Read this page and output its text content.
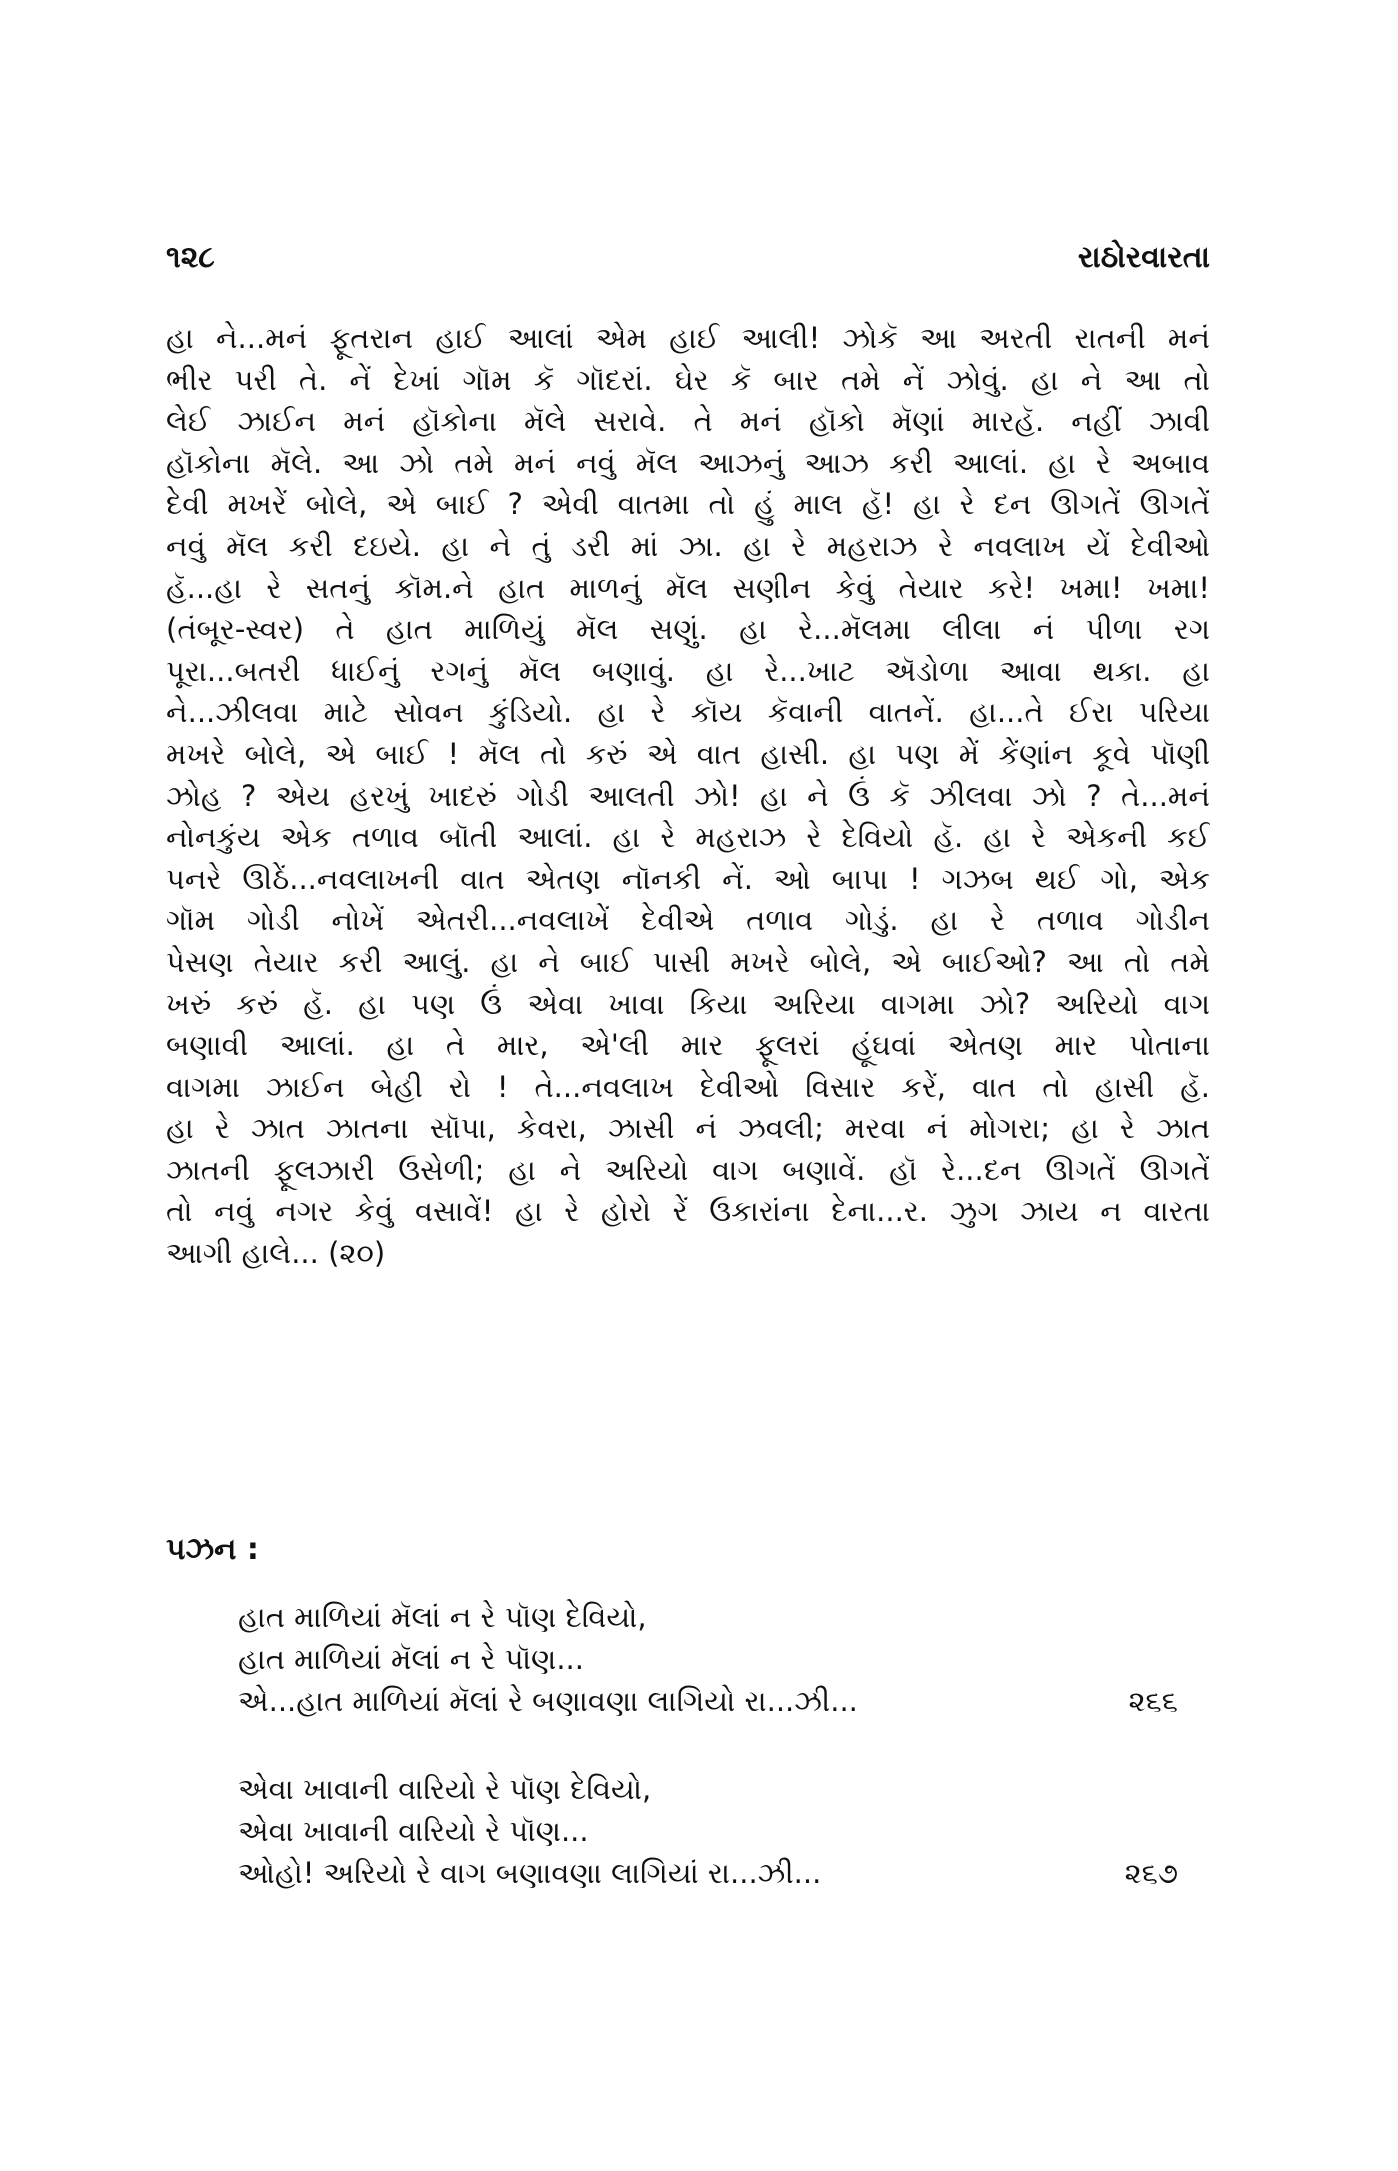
૧૨૮	રાઠોરવારતા
હા ને...મનં ફૂતરાન હાઈ આલાં એમ હાઈ આલી! ઝોકૅ આ અરતી રાતની મનં
ભીર પરી તે. નેં દેખાં ગૉમ કૅ ગૉદરાં. ઘેર કૅ બાર તમે નેં ઝોવું. હા ને આ તો
લેઈ ઝાઈન મનં હૉકોના મૅલે સરાવે. તે મનં હૉકો મૅણાં મારહૅ. નહીં ઝાવી
હૉકોના મૅલે. આ ઝો તમે મનં નવું મૅલ આઝનું આઝ કરી આલાં. હા રે અબાવ
દેવી મખરેં બોલે, એ બાઈ ? એવી વાતમા તો હું માલ હૅ! હા રે દન ઊગતેં ઊગતેં
નવું મૅલ કરી દઇયે. હા ને તું ડરી માં ઝા. હા રે મહરાઝ રે નવલાખ યેં દેવીઓ
હૅ...હા રે સતનું કૉમ.ને હાત માળનું મૅલ સણીન કેવું તેયાર કરે! ખમા! ખમા!
(તંબૂર-સ્વર) તે હાત માળિયું મૅલ સણું. હા રે...મૅલમા લીલા નં પીળા રગ
પૂરા...બતરી ધાઈનું રગનું મૅલ બણાવું. હા રે...ખાટ ઍડોળા આવા થકા. હા
ને...ઝીલવા માટે સોવન કુંડિયો. હા રે કૉય કૅવાની વાતનેં. હા...તે ઈરા પરિયા
મખરે બોલે, એ બાઈ ! મૅલ તો કરું એ વાત હાસી. હા પણ મેં કેંણાંન કૂવે પૉણી
ઝોહ ? એય હરખું ખાદરું ગોડી આલતી ઝો! હા ને ઉં કૅ ઝીલવા ઝો ? તે...મનં
નોનકુંય એક તળાવ બૉતી આલાં. હા રે મહરાઝ રે દેવિયો હૅ. હા રે એકની કઈ
પનરે ઊઠેં...નવલાખની વાત એતણ નૉનકી નેં. ઓ બાપા ! ગઝબ થઈ ગો, એક
ગૉમ ગોડી નોખેં એતરી...નવલાખેં દેવીએ તળાવ ગોડું. હા રે તળાવ ગોડીન
પેસણ તેયાર કરી આલું. હા ને બાઈ પાસી મખરે બોલે, એ બાઈઓ? આ તો તમે
ખરું કરું હૅ. હા પણ ઉં એવા ખાવા કિયા અરિયા વાગમા ઝો? અરિયો વાગ
બણાવી આલાં. હા તે માર, એ'લી માર ફૂલરાં હૂંઘવાં એતણ માર પોતાના
વાગમા ઝાઈન બેહી રો ! તે...નવલાખ દેવીઓ વિસાર કરેં, વાત તો હાસી હૅ.
હા રે ઝાત ઝાતના સૉપા, કેવરા, ઝાસી નં ઝવલી; મરવા નં મોગરા; હા રે ઝાત
ઝાતની ફૂલઝારી ઉસેળી; હા ને અરિયો વાગ બણાવેં. હૉ રે...દન ઊગતેં ઊગતેં
તો નવું નગર કેવું વસાવેં! હા રે હોરો રેં ઉકારાંના દેના...ર. ઝુગ ઝાય ન વારતા
આગી હાલે... (૨૦)
પઝન :
હાત માળિયાં મૅલાં ન રે પૉણ દેવિયો,
હાત માળિયાં મૅલાં ન રે પૉણ...
એ...હાત માળિયાં મૅલાં રે બણાવણા લાગિયો રા...ઝી...	૨૬૬
એવા ખાવાની વારિયો રે પૉણ દેવિયો,
એવા ખાવાની વારિયો રે પૉણ...
ઓહો! અરિયો રે વાગ બણાવણા લાગિયાં રા...ઝી...	૨૬૭
